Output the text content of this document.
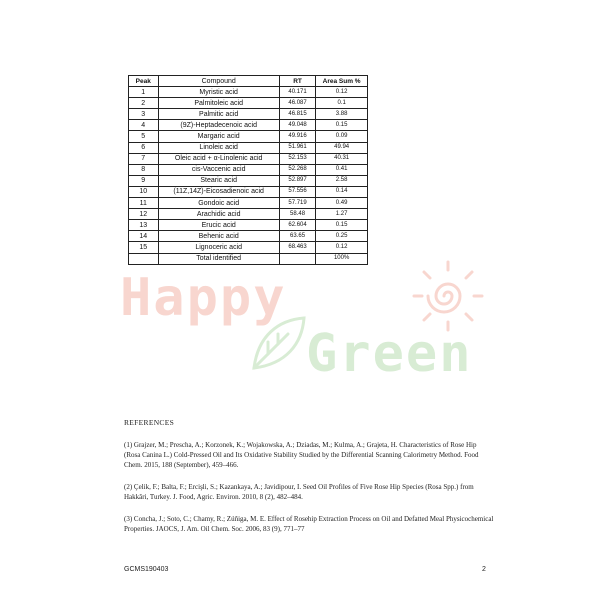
Happy
Green
Peak	Compound	RT	Area Sum %
1	Myristic acid	40.171	0.12
2	Palmitoleic acid	46.087	0.1
3	Palmitic acid	46.815	3.88
4	(9Z)-Heptadecenoic acid	49.048	0.15
5	Margaric acid	49.916	0.09
6	Linoleic acid	51.961	49.94
7	Oleic acid + α-Linolenic acid	52.153	40.31
8	cis-Vaccenic acid	52.268	0.41
9	Stearic acid	52.897	2.58
10	(11Z,14Z)-Eicosadienoic acid	57.556	0.14
11	Gondoic acid	57.719	0.49
12	Arachidic acid	58.48	1.27
13	Erucic acid	62.604	0.15
14	Behenic acid	63.65	0.25
15	Lignoceric acid	68.463	0.12
	Total identified		100%
REFERENCES
(1) Grajzer, M.; Prescha, A.; Korzonek, K.; Wojakowska, A.; Dziadas, M.; Kulma, A.; Grajeta, H. Characteristics of Rose Hip (Rosa Canina L.) Cold-Pressed Oil and Its Oxidative Stability Studied by the Differential Scanning Calorimetry Method. Food Chem. 2015, 188 (September), 459–466.
(2) Çelik, F.; Balta, F.; Ercişli, S.; Kazankaya, A.; Javidipour, I. Seed Oil Profiles of Five Rose Hip Species (Rosa Spp.) from Hakkâri, Turkey. J. Food, Agric. Environ. 2010, 8 (2), 482–484.
(3) Concha, J.; Soto, C.; Chamy, R.; Zúñiga, M. E. Effect of Rosehip Extraction Process on Oil and Defatted Meal Physicochemical Properties. JAOCS, J. Am. Oil Chem. Soc. 2006, 83 (9), 771–77
GCMS190403	2
